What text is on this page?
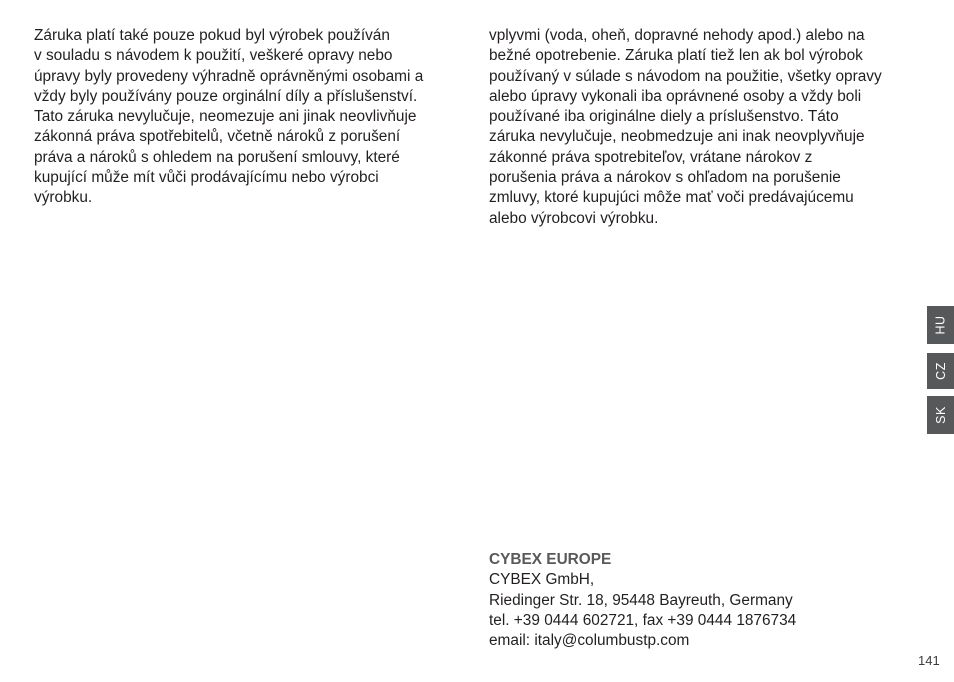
Záruka platí také pouze pokud byl výrobek používán
v souladu s návodem k použití, veškeré opravy nebo
úpravy byly provedeny výhradně oprávněnými osobami a
vždy byly používány pouze orginální díly a příslušenství.
Tato záruka nevylučuje, neomezuje ani jinak neovlivňuje
zákonná práva spotřebitelů, včetně nároků z porušení
práva a nároků s ohledem na porušení smlouvy, které
kupující může mít vůči prodávajícímu nebo výrobci
výrobku.
vplyvmi (voda, oheň, dopravné nehody apod.) alebo na
bežné opotrebenie. Záruka platí tiež len ak bol výrobok
používaný v súlade s návodom na použitie, všetky opravy
alebo úpravy vykonali iba oprávnené osoby a vždy boli
používané iba originálne diely a príslušenstvo. Táto
záruka nevylučuje, neobmedzuje ani inak neovplyvňuje
zákonné práva spotrebiteľov, vrátane nárokov z
porušenia práva a nárokov s ohľadom na porušenie
zmluvy, ktoré kupujúci môže mať voči predávajúcemu
alebo výrobcovi výrobku.
HU
CZ
SK
CYBEX EUROPE
CYBEX GmbH,
Riedinger Str. 18, 95448 Bayreuth, Germany
tel. +39 0444 602721, fax +39 0444 1876734
email: italy@columbustp.com
141
